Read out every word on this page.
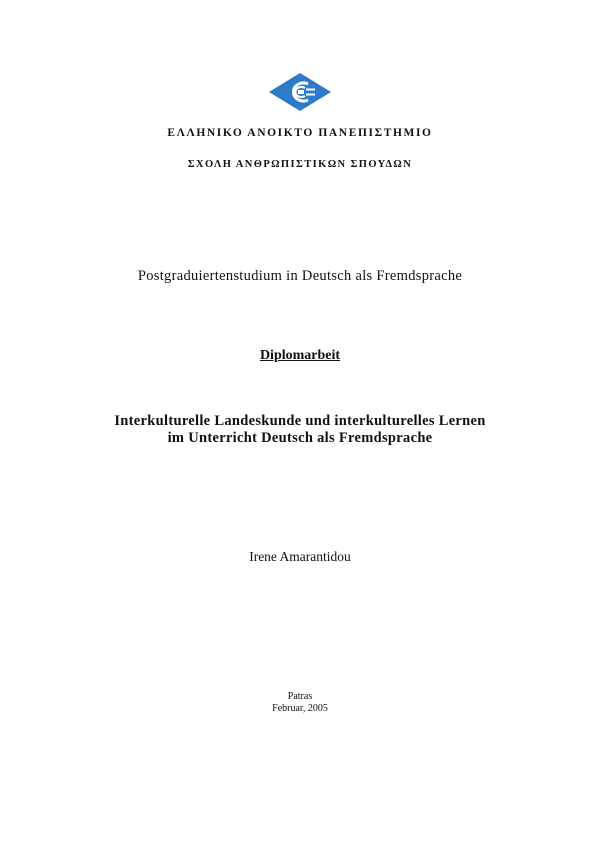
ΕΛΛΗΝΙΚΟ ΑΝΟΙΚΤΟ ΠΑΝΕΠΙΣΤΗΜΙΟ
ΣΧΟΛΗ ΑΝΘΡΩΠΙΣΤΙΚΩΝ ΣΠΟΥΔΩΝ
Postgraduiertenstudium in Deutsch als Fremdsprache
Diplomarbeit
Interkulturelle Landeskunde und interkulturelles Lernen
im Unterricht Deutsch als Fremdsprache
Irene Amarantidou
Patras
Februar, 2005
